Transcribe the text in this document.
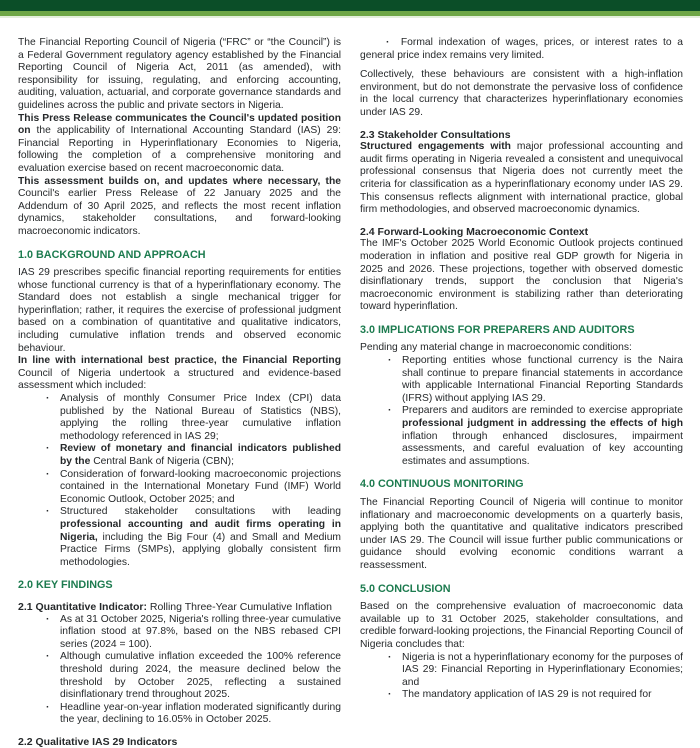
The Financial Reporting Council of Nigeria (“FRC” or “the Council”) is a Federal Government regulatory agency established by the Financial Reporting Council of Nigeria Act, 2011 (as amended), with responsibility for issuing, regulating, and enforcing accounting, auditing, valuation, actuarial, and corporate governance standards and guidelines across the public and private sectors in Nigeria.

This Press Release communicates the Council's updated position on the applicability of International Accounting Standard (IAS) 29: Financial Reporting in Hyperinflationary Economies to Nigeria, following the completion of a comprehensive monitoring and evaluation exercise based on recent macroeconomic data.

This assessment builds on, and updates where necessary, the Council's earlier Press Release of 22 January 2025 and the Addendum of 30 April 2025, and reflects the most recent inflation dynamics, stakeholder consultations, and forward-looking macroeconomic indicators.

1.0 BACKGROUND AND APPROACH

IAS 29 prescribes specific financial reporting requirements for entities whose functional currency is that of a hyperinflationary economy. The Standard does not establish a single mechanical trigger for hyperinflation; rather, it requires the exercise of professional judgment based on a combination of quantitative and qualitative indicators, including cumulative inflation trends and observed economic behaviour.

In line with international best practice, the Financial Reporting Council of Nigeria undertook a structured and evidence-based assessment which included:

· Analysis of monthly Consumer Price Index (CPI) data published by the National Bureau of Statistics (NBS), applying the rolling three-year cumulative inflation methodology referenced in IAS 29;
· Review of monetary and financial indicators published by the Central Bank of Nigeria (CBN);
· Consideration of forward-looking macroeconomic projections contained in the International Monetary Fund (IMF) World Economic Outlook, October 2025; and
· Structured stakeholder consultations with leading professional accounting and audit firms operating in Nigeria, including the Big Four (4) and Small and Medium Practice Firms (SMPs), applying globally consistent firm methodologies.
2.0 KEY FINDINGS
2.1 Quantitative Indicator: Rolling Three-Year Cumulative Inflation
· As at 31 October 2025, Nigeria's rolling three-year cumulative inflation stood at 97.8%, based on the NBS rebased CPI series (2024 = 100).
· Although cumulative inflation exceeded the 100% reference threshold during 2024, the measure declined below the threshold by October 2025, reflecting a sustained disinflationary trend throughout 2025.
· Headline year-on-year inflation moderated significantly during the year, declining to 16.05% in October 2025.
2.2 Qualitative IAS 29 Indicators

·  Formal indexation of wages, prices, or interest rates to a general price index remains very limited.

Collectively, these behaviours are consistent with a high-inflation environment, but do not demonstrate the pervasive loss of confidence in the local currency that characterizes hyperinflationary economies under IAS 29.

2.3 Stakeholder Consultations

Structured engagements with major professional accounting and audit firms operating in Nigeria revealed a consistent and unequivocal professional consensus that Nigeria does not currently meet the criteria for classification as a hyperinflationary economy under IAS 29. This consensus reflects alignment with international practice, global firm methodologies, and observed macroeconomic dynamics.

2.4 Forward-Looking Macroeconomic Context

The IMF's October 2025 World Economic Outlook projects continued moderation in inflation and positive real GDP growth for Nigeria in 2025 and 2026. These projections, together with observed domestic disinflationary trends, support the conclusion that Nigeria's macroeconomic environment is stabilizing rather than deteriorating toward hyperinflation.

3.0 IMPLICATIONS FOR PREPARERS AND AUDITORS

Pending any material change in macroeconomic conditions:

· Reporting entities whose functional currency is the Naira shall continue to prepare financial statements in accordance with applicable International Financial Reporting Standards (IFRS) without applying IAS 29.
· Preparers and auditors are reminded to exercise appropriate professional judgment in addressing the effects of high inflation through enhanced disclosures, impairment assessments, and careful evaluation of key accounting estimates and assumptions.
4.0 CONTINUOUS MONITORING

The Financial Reporting Council of Nigeria will continue to monitor inflationary and macroeconomic developments on a quarterly basis, applying both the quantitative and qualitative indicators prescribed under IAS 29. The Council will issue further public communications or guidance should evolving economic conditions warrant a reassessment.

5.0 CONCLUSION

Based on the comprehensive evaluation of macroeconomic data available up to 31 October 2025, stakeholder consultations, and credible forward-looking projections, the Financial Reporting Council of Nigeria concludes that:

· Nigeria is not a hyperinflationary economy for the purposes of IAS 29: Financial Reporting in Hyperinflationary Economies; and
· The mandatory application of IAS 29 is not required for
